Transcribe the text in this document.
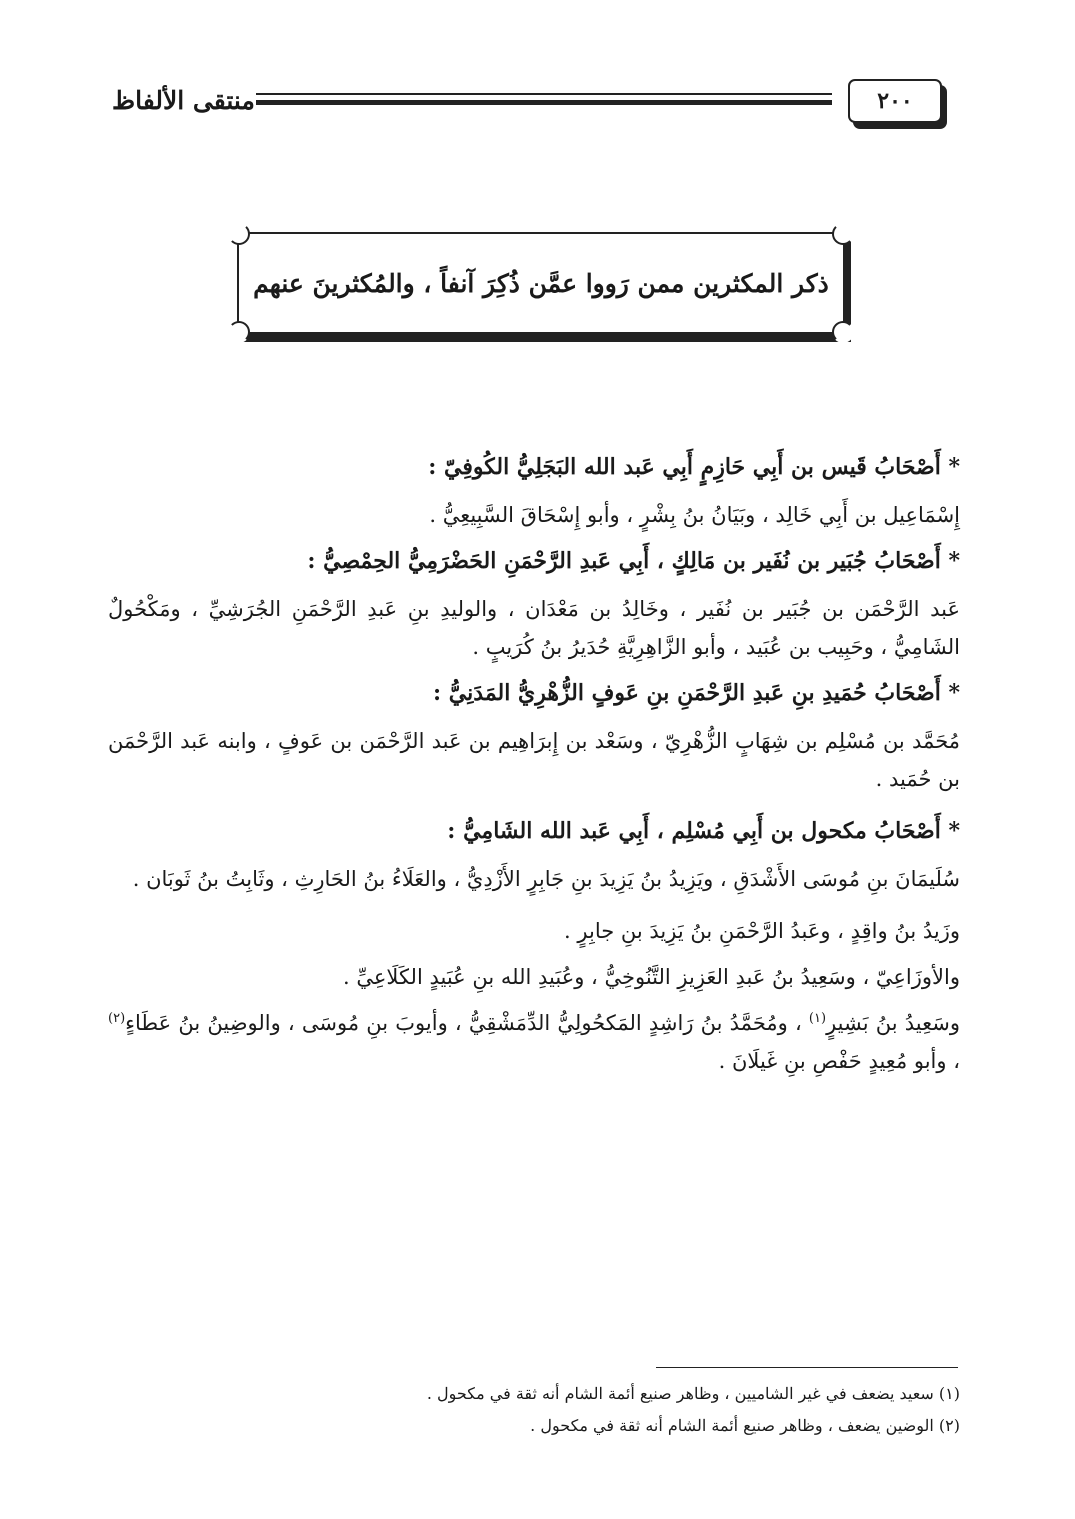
٢٠٠
منتقى الألفاظ
ذكر المكثرين ممن رَووا عمَّن ذُكِرَ آنفاً ، والمُكثرينَ عنهم

* أَصْحَابُ قَيس بن أَبِي حَازِمٍ أَبِي عَبد الله البَجَلِيُّ الكُوفِيّ :

إِسْمَاعِيل بن أَبِي خَالِد ، وبَيَانُ بنُ بِشْرٍ ، وأبو إِسْحَاقَ السَّبِيعِيُّ .

* أَصْحَابُ جُبَير بن نُفَير بن مَالِكٍ ، أَبِي عَبدِ الرَّحْمَنِ الحَضْرَمِيُّ الحِمْصِيُّ :

عَبد الرَّحْمَن بن جُبَير بن نُفَير ، وخَالِدُ بن مَعْدَان ، والوليدِ بنِ عَبدِ الرَّحْمَنِ الجُرَشِيِّ ، ومَكْحُولٌ الشَامِيُّ ، وحَبِيب بن عُبَيد ، وأبو الزَّاهِرِيَّةِ حُدَيرُ بنُ كُرَيبٍ .

* أَصْحَابُ حُمَيدِ بنِ عَبدِ الرَّحْمَنِ بنِ عَوفٍ الزُّهْرِيُّ المَدَنِيُّ :

مُحَمَّد بن مُسْلِم بن شِهَابٍ الزُّهْرِيّ ، وسَعْد بن إِبرَاهِيم بن عَبد الرَّحْمَن بن عَوفٍ ، وابنه عَبد الرَّحْمَن بن حُمَيد .

* أَصْحَابُ مكحول بن أَبِي مُسْلِم ، أَبِي عَبد الله الشَامِيُّ :

سُلَيمَانَ بنِ مُوسَى الأَشْدَقِ ، ويَزِيدُ بنُ يَزِيدَ بنِ جَابِرٍ الأَزْدِيُّ ، والعَلَاءُ بنُ الحَارِثِ ، وثَابِتُ بنُ ثَوبَان .

وزَيدُ بنُ واقِدٍ ، وعَبدُ الرَّحْمَنِ بنُ يَزِيدَ بنِ جابِرٍ .

والأوزَاعِيّ ، وسَعِيدُ بنُ عَبدِ العَزِيزِ التَّنُوخِيُّ ، وعُبَيدِ الله بنِ عُبَيدٍ الكَلَاعِيِّ .

وسَعِيدُ بنُ بَشِيرٍ$^{(١)}$ ، ومُحَمَّدُ بنُ رَاشِدٍ المَكحُولِيُّ الدِّمَشْقِيُّ ، وأيوبَ بنِ مُوسَى ، والوضِينُ بنُ عَطَاءٍ$^{(٢)}$ ، وأبو مُعِيدٍ حَفْصِ بنِ غَيلَانَ .

(١) سعيد يضعف في غير الشاميين ، وظاهر صنيع أئمة الشام أنه ثقة في مكحول .

(٢) الوضين يضعف ، وظاهر صنيع أئمة الشام أنه ثقة في مكحول .
